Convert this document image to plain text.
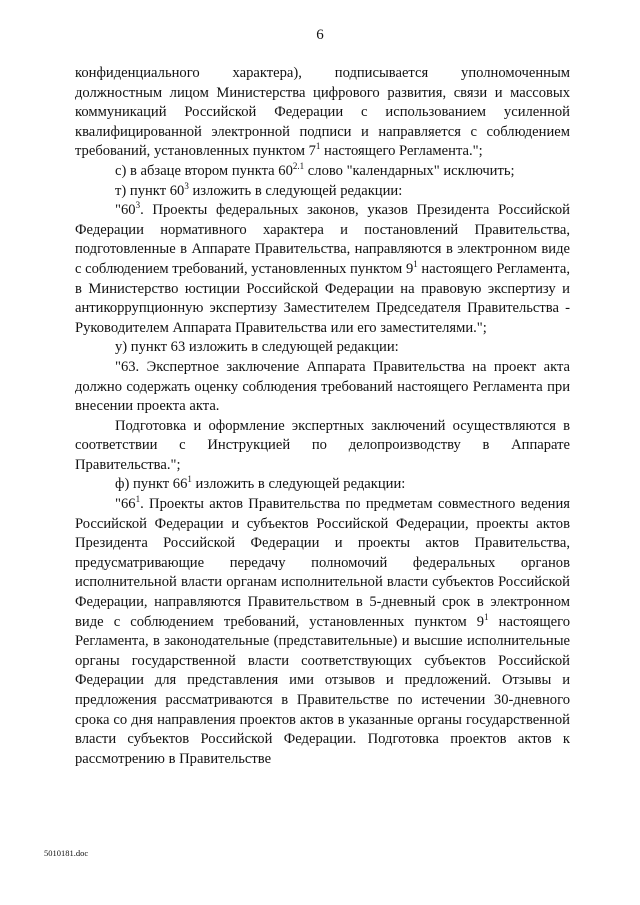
6

конфиденциального характера), подписывается уполномоченным должностным лицом Министерства цифрового развития, связи и массовых коммуникаций Российской Федерации с использованием усиленной квалифицированной электронной подписи и направляется с соблюдением требований, установленных пунктом $7^1$ настоящего Регламента.";

с) в абзаце втором пункта $60^{2.1}$ слово "календарных" исключить;

т) пункт $60^3$ изложить в следующей редакции:

"$60^3$. Проекты федеральных законов, указов Президента Российской Федерации нормативного характера и постановлений Правительства, подготовленные в Аппарате Правительства, направляются в электронном виде с соблюдением требований, установленных пунктом $9^1$ настоящего Регламента, в Министерство юстиции Российской Федерации на правовую экспертизу и антикоррупционную экспертизу Заместителем Председателя Правительства - Руководителем Аппарата Правительства или его заместителями.";

у) пункт 63 изложить в следующей редакции:

"63. Экспертное заключение Аппарата Правительства на проект акта должно содержать оценку соблюдения требований настоящего Регламента при внесении проекта акта.

Подготовка и оформление экспертных заключений осуществляются в соответствии с Инструкцией по делопроизводству в Аппарате Правительства.";

ф) пункт $66^1$ изложить в следующей редакции:

"$66^1$. Проекты актов Правительства по предметам совместного ведения Российской Федерации и субъектов Российской Федерации, проекты актов Президента Российской Федерации и проекты актов Правительства, предусматривающие передачу полномочий федеральных органов исполнительной власти органам исполнительной власти субъектов Российской Федерации, направляются Правительством в 5-дневный срок в электронном виде с соблюдением требований, установленных пунктом $9^1$ настоящего Регламента, в законодательные (представительные) и высшие исполнительные органы государственной власти соответствующих субъектов Российской Федерации для представления ими отзывов и предложений. Отзывы и предложения рассматриваются в Правительстве по истечении 30-дневного срока со дня направления проектов актов в указанные органы государственной власти субъектов Российской Федерации. Подготовка проектов актов к рассмотрению в Правительстве

5010181.doc
